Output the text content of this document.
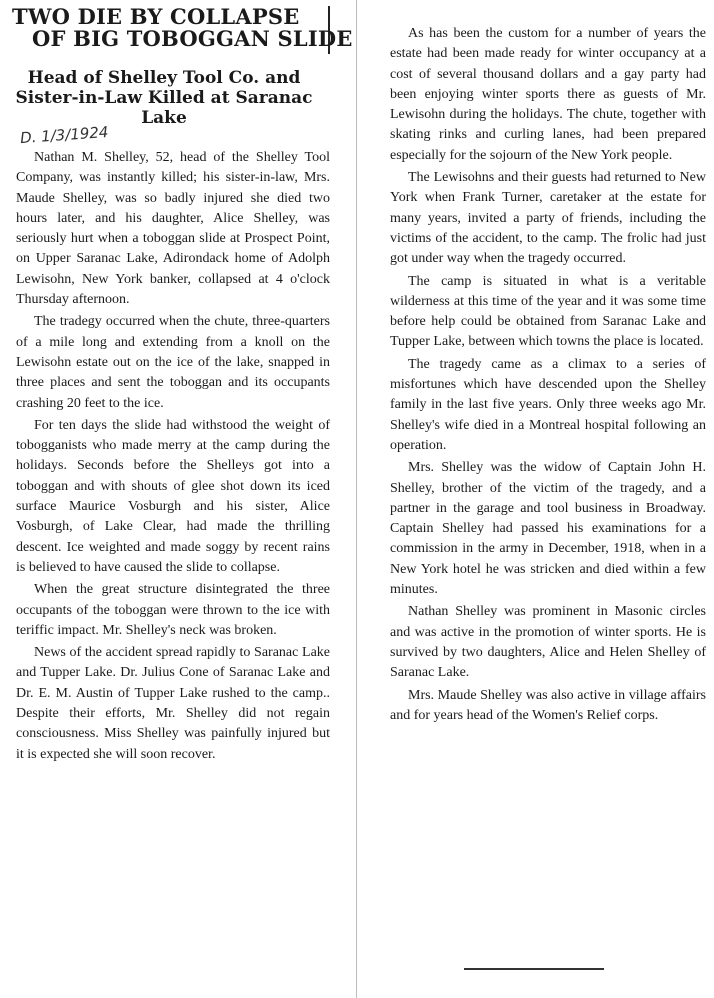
TWO DIE BY COLLAPSE
OF BIG TOBOGGAN SLIDE
Head of Shelley Tool Co. and Sister-in-Law Killed at Saranac Lake
D. 1/3/1924

Nathan M. Shelley, 52, head of the Shelley Tool Company, was instantly killed; his sister-in-law, Mrs. Maude Shelley, was so badly injured she died two hours later, and his daughter, Alice Shelley, was seriously hurt when a toboggan slide at Prospect Point, on Upper Saranac Lake, Adirondack home of Adolph Lewisohn, New York banker, collapsed at 4 o'clock Thursday afternoon.

The tradegy occurred when the chute, three-quarters of a mile long and extending from a knoll on the Lewisohn estate out on the ice of the lake, snapped in three places and sent the toboggan and its occupants crashing 20 feet to the ice.

For ten days the slide had withstood the weight of tobogganists who made merry at the camp during the holidays. Seconds before the Shelleys got into a toboggan and with shouts of glee shot down its iced surface Maurice Vosburgh and his sister, Alice Vosburgh, of Lake Clear, had made the thrilling descent. Ice weighted and made soggy by recent rains is believed to have caused the slide to collapse.

When the great structure disintegrated the three occupants of the toboggan were thrown to the ice with teriffic impact. Mr. Shelley's neck was broken.

News of the accident spread rapidly to Saranac Lake and Tupper Lake. Dr. Julius Cone of Saranac Lake and Dr. E. M. Austin of Tupper Lake rushed to the camp.. Despite their efforts, Mr. Shelley did not regain consciousness. Miss Shelley was painfully injured but it is expected she will soon recover.

As has been the custom for a number of years the estate had been made ready for winter occupancy at a cost of several thousand dollars and a gay party had been enjoying winter sports there as guests of Mr. Lewisohn during the holidays. The chute, together with skating rinks and curling lanes, had been prepared especially for the sojourn of the New York people.

The Lewisohns and their guests had returned to New York when Frank Turner, caretaker at the estate for many years, invited a party of friends, including the victims of the accident, to the camp. The frolic had just got under way when the tragedy occurred.

The camp is situated in what is a veritable wilderness at this time of the year and it was some time before help could be obtained from Saranac Lake and Tupper Lake, between which towns the place is located.

The tragedy came as a climax to a series of misfortunes which have descended upon the Shelley family in the last five years. Only three weeks ago Mr. Shelley's wife died in a Montreal hospital following an operation.

Mrs. Shelley was the widow of Captain John H. Shelley, brother of the victim of the tragedy, and a partner in the garage and tool business in Broadway. Captain Shelley had passed his examinations for a commission in the army in December, 1918, when in a New York hotel he was stricken and died within a few minutes.

Nathan Shelley was prominent in Masonic circles and was active in the promotion of winter sports. He is survived by two daughters, Alice and Helen Shelley of Saranac Lake.

Mrs. Maude Shelley was also active in village affairs and for years head of the Women's Relief corps.
